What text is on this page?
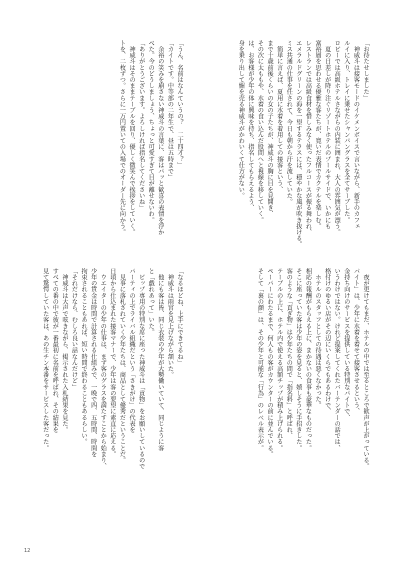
「お待たせしました」
　神威斗は接客モードのイケメンボイスで言いながら、新手のカフェ
ルイに入り、トレイに乗せたシャンパングラスを全てサーブした。
ロビーでは高級ホテルさながらの内装に囲まれ、大人の雰囲気が漂う。
　夏の日差しが降り注ぐリゾートホテルのプールサイドで、いかにも
富裕層を思わせる優雅な客たちが、寛いだ表情でカクテルを楽しむ。
レストランでは高級食材を惜しみなく使ったフルコースが振る舞われ、
エメラルドグリーンの海を一望するテラスには、穏やかな風が吹き抜ける。
ミス共通の仕事を任されて、今日も朝から汗を流していた。
　簡単に言えば、夏用に水着を着用しての接客という、
まで十歳前後くらいの女の子たちが、神威斗の胸に目を見開き、
その次に太ももや、水着の食い込んだ股間へと視線を移していく。
は、お客様が少年の体に興味を持ち、指名してもらえるよう、
身を乗り出して媚を売る神威斗がかわいくて仕方がない。
「うん、名前はなんていうの？　二十四才？」
「カイトです。中等部の二年生で、昼は五時まで」
　余裕の笑みを崩さない神威斗の言葉に、客はパッと歓喜の表情を浮か
べた。今のどうしましょう、ちょっと可愛すぎて目が離せないわ。
「ありがとうございます。よろしければ指名してくださいね」
　神威斗はそのままテーブルを回り、優しく微笑んで挨拶をしていく。
トを、二枚ずつ。さらに一万円置いての入場でのオーダー先に向かう。
　夜が更けてもまだ、ホテルの中では至るところで歓声が上がっている。
パイト」は、少年に水着を着せて接客させるという、
金持ち向けのサービスを提供している特別なパイトで、
いうわけではない。けれど提案してくれたバーテンダーの話では、
格付けのゆるい店がその辺にいくらでもあるわけで、
　ホテルのスタッフとしての待遇は悪くなかった。
相応の報酬がもらえる上に、まかないの食事も豪華なものだった。
そこに座っていた客は少年の姿を見ると、嬉しそうに手招きした。
客のような「貢ぎ物」は少年たちの間で「指名料」と呼ばれ、
テーブルの上に、ホテル内で使える高額チップが積み上げられる。
ペーパーにわたるまで、何人もの客がカウンターの前に並んでいる。
そして「裏の顔」は、その少年と可能な「行為」のレベル表示が。
「なるほどね、上手にできてるね」
　神威斗は雨宮を見上げながら頷いた。
　他にも客は皆、同じ衣装の少年が大勢働いていて、同じように客
と「戯れあって」いた。
　ビップ専用の特別な席に座った神威斗は「貢物」をお願いしているので
パーティの上でライバル組織だという「さきがけ」の代表を
　見事に落札されていく少年たちは、商品として優秀だということだ。
日頃から仕込まれた接客マナーで、少年は客の要望に素直に応える。
　ウエイターの少年の仕事は、まず客のグラスを満たすことから始まり、
少年の賃金は時間で計算される仕組みで、一晩で四、五時間、時間を
拘束されることもあれば、短い時間で終わることもあるらしい。
「それだけなら、むしろ良い話なんだけど」
　神威斗は大声で呟きながら、掲示された入札結果を見た。
すべての番の中で彼が一番最初に名前を呼ばれ、その結果を
見て驚愕していた客は、あの生チン本番をサービスした客だった。
12
